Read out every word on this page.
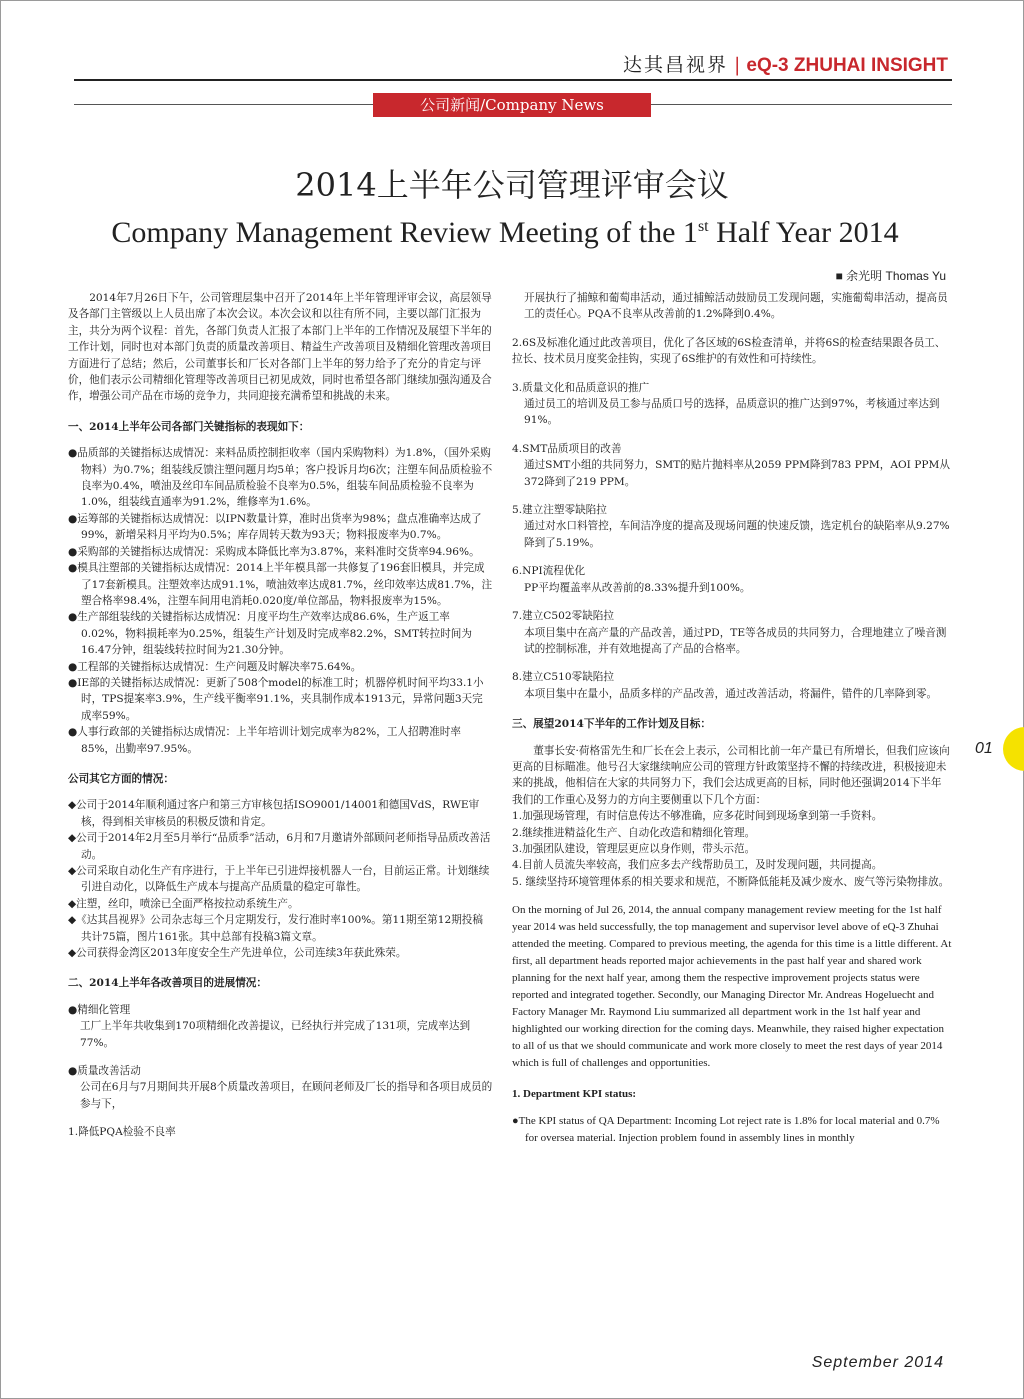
达其昌视界 | eQ-3 ZHUHAI INSIGHT
公司新闻/Company News
2014上半年公司管理评审会议
Company Management Review Meeting of the 1st Half Year 2014
■ 余光明 Thomas Yu

2014年7月26日下午，公司管理层集中召开了2014年上半年管理评审会议，高层领导及各部门主管级以上人员出席了本次会议。本次会议和以往有所不同，主要以部门汇报为主，共分为两个议程：首先，各部门负责人汇报了本部门上半年的工作情况及展望下半年的工作计划，同时也对本部门负责的质量改善项目、精益生产改善项目及精细化管理改善项目方面进行了总结；然后，公司董事长和厂长对各部门上半年的努力给予了充分的肯定与评价，他们表示公司精细化管理等改善项目已初见成效，同时也希望各部门继续加强沟通及合作，增强公司产品在市场的竞争力，共同迎接充满希望和挑战的未来。

一、2014上半年公司各部门关键指标的表现如下：

●品质部的关键指标达成情况：来料品质控制拒收率（国内采购物料）为1.8%，（国外采购物料）为0.7%；组装线反馈注塑问题月均5单；客户投诉月均6次；注塑车间品质检验不良率为0.4%，喷油及丝印车间品质检验不良率为0.5%，组装车间品质检验不良率为1.0%，组装线直通率为91.2%，维修率为1.6%。

●运筹部的关键指标达成情况：以IPN数量计算，准时出货率为98%；盘点准确率达成了99%，新增呆料月平均为0.5%；库存周转天数为93天；物料报废率为0.7%。

●采购部的关键指标达成情况：采购成本降低比率为3.87%，来料准时交货率94.96%。

●模具注塑部的关键指标达成情况：2014上半年模具部一共修复了196套旧模具，并完成了17套新模具。注塑效率达成91.1%，喷油效率达成81.7%，丝印效率达成81.7%，注塑合格率98.4%，注塑车间用电消耗0.020度/单位部品，物料报废率为15%。

●生产部组装线的关键指标达成情况：月度平均生产效率达成86.6%，生产返工率0.02%，物料损耗率为0.25%，组装生产计划及时完成率82.2%，SMT转拉时间为16.47分钟，组装线转拉时间为21.30分钟。

●工程部的关键指标达成情况：生产问题及时解决率75.64%。

●IE部的关键指标达成情况：更新了508个model的标准工时；机器停机时间平均33.1小时，TPS提案率3.9%，生产线平衡率91.1%，夹具制作成本1913元，异常问题3天完成率59%。

●人事行政部的关键指标达成情况：上半年培训计划完成率为82%，工人招聘准时率85%，出勤率97.95%。

公司其它方面的情况：

◆公司于2014年顺利通过客户和第三方审核包括ISO9001/14001和德国VdS，RWE审核，得到相关审核员的积极反馈和肯定。

◆公司于2014年2月至5月举行“品质季”活动，6月和7月邀请外部顾问老师指导品质改善活动。

◆公司采取自动化生产有序进行，于上半年已引进焊接机器人一台，目前运正常。计划继续引进自动化，以降低生产成本与提高产品质量的稳定可靠性。

◆注塑，丝印，喷涂已全面严格按拉动系统生产。

◆《达其昌视界》公司杂志每三个月定期发行，发行准时率100%。第11期至第12期投稿共计75篇，图片161张。其中总部有投稿3篇文章。

◆公司获得金湾区2013年度安全生产先进单位，公司连续3年获此殊荣。

二、2014上半年各改善项目的进展情况：

●精细化管理

工厂上半年共收集到170项精细化改善提议，已经执行并完成了131项，完成率达到77%。

●质量改善活动

公司在6月与7月期间共开展8个质量改善项目，在顾问老师及厂长的指导和各项目成员的参与下，

1.降低PQA检验不良率

开展执行了捕鲸和葡萄串活动，通过捕鲸活动鼓励员工发现问题，实施葡萄串活动，提高员工的责任心。PQA不良率从改善前的1.2%降到0.4%。

2.6S及标准化通过此改善项目，优化了各区域的6S检查清单，并将6S的检查结果跟各员工、拉长、技术员月度奖金挂钩，实现了6S维护的有效性和可持续性。

3.质量文化和品质意识的推广

通过员工的培训及员工参与品质口号的选择，品质意识的推广达到97%，考核通过率达到91%。

4.SMT品质项目的改善

通过SMT小组的共同努力，SMT的贴片抛料率从2059 PPM降到783 PPM，AOI PPM从372降到了219 PPM。

5.建立注塑零缺陷拉

通过对水口料管控，车间洁净度的提高及现场问题的快速反馈，选定机台的缺陷率从9.27%降到了5.19%。

6.NPI流程优化

PP平均覆盖率从改善前的8.33%提升到100%。

7.建立C502零缺陷拉

本项目集中在高产量的产品改善，通过PD，TE等各成员的共同努力，合理地建立了噪音测试的控制标准，并有效地提高了产品的合格率。

8.建立C510零缺陷拉

本项目集中在量小，品质多样的产品改善，通过改善活动，将漏件，错件的几率降到零。

三、展望2014下半年的工作计划及目标：

董事长安·荷格雷先生和厂长在会上表示，公司相比前一年产量已有所增长，但我们应该向更高的目标瞄准。他号召大家继续响应公司的管理方针政策坚持不懈的持续改进，积极接迎未来的挑战，他相信在大家的共同努力下，我们会达成更高的目标，同时他还强调2014下半年我们的工作重心及努力的方向主要侧重以下几个方面：

1.加强现场管理，有时信息传达不够准确，应多花时间到现场拿到第一手资料。

2.继续推进精益化生产、自动化改造和精细化管理。

3.加强团队建设，管理层更应以身作则，带头示范。

4.目前人员流失率较高，我们应多去产线帮助员工，及时发现问题，共同提高。

5. 继续坚持环境管理体系的相关要求和规范，不断降低能耗及减少废水、废气等污染物排放。

On the morning of Jul 26, 2014, the annual company management review meeting for the 1st half year 2014 was held successfully, the top management and supervisor level above of eQ-3 Zhuhai attended the meeting. Compared to previous meeting, the agenda for this time is a little different. At first, all department heads reported major achievements in the past half year and shared work planning for the next half year, among them the respective improvement projects status were reported and integrated together. Secondly, our Managing Director Mr. Andreas Hogeluecht and Factory Manager Mr. Raymond Liu summarized all department work in the 1st half year and highlighted our working direction for the coming days. Meanwhile, they raised higher expectation to all of us that we should communicate and work more closely to meet the rest days of year 2014 which is full of challenges and opportunities.

1. Department KPI status:

●The KPI status of QA Department: Incoming Lot reject rate is 1.8% for local material and 0.7% for oversea material. Injection problem found in assembly lines in monthly

01
September 2014
